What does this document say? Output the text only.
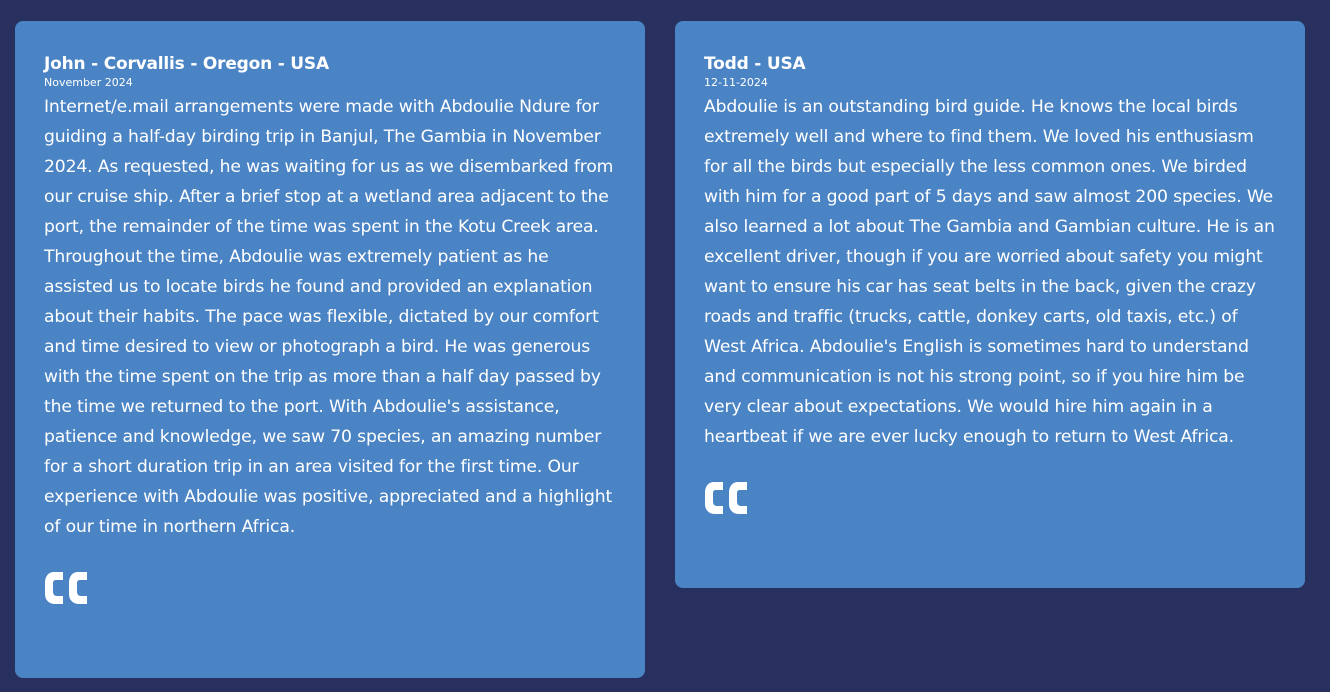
John - Corvallis - Oregon - USA

November 2024

Internet/e.mail arrangements were made with Abdoulie Ndure for guiding a half-day birding trip in Banjul, The Gambia in November 2024. As requested, he was waiting for us as we disembarked from our cruise ship. After a brief stop at a wetland area adjacent to the port, the remainder of the time was spent in the Kotu Creek area. Throughout the time, Abdoulie was extremely patient as he assisted us to locate birds he found and provided an explanation about their habits. The pace was flexible, dictated by our comfort and time desired to view or photograph a bird. He was generous with the time spent on the trip as more than a half day passed by the time we returned to the port. With Abdoulie's assistance, patience and knowledge, we saw 70 species, an amazing number for a short duration trip in an area visited for the first time. Our experience with Abdoulie was positive, appreciated and a highlight of our time in northern Africa.

Todd - USA

12-11-2024

Abdoulie is an outstanding bird guide. He knows the local birds extremely well and where to find them. We loved his enthusiasm for all the birds but especially the less common ones. We birded with him for a good part of 5 days and saw almost 200 species. We also learned a lot about The Gambia and Gambian culture. He is an excellent driver, though if you are worried about safety you might want to ensure his car has seat belts in the back, given the crazy roads and traffic (trucks, cattle, donkey carts, old taxis, etc.) of West Africa. Abdoulie's English is sometimes hard to understand and communication is not his strong point, so if you hire him be very clear about expectations. We would hire him again in a heartbeat if we are ever lucky enough to return to West Africa.
